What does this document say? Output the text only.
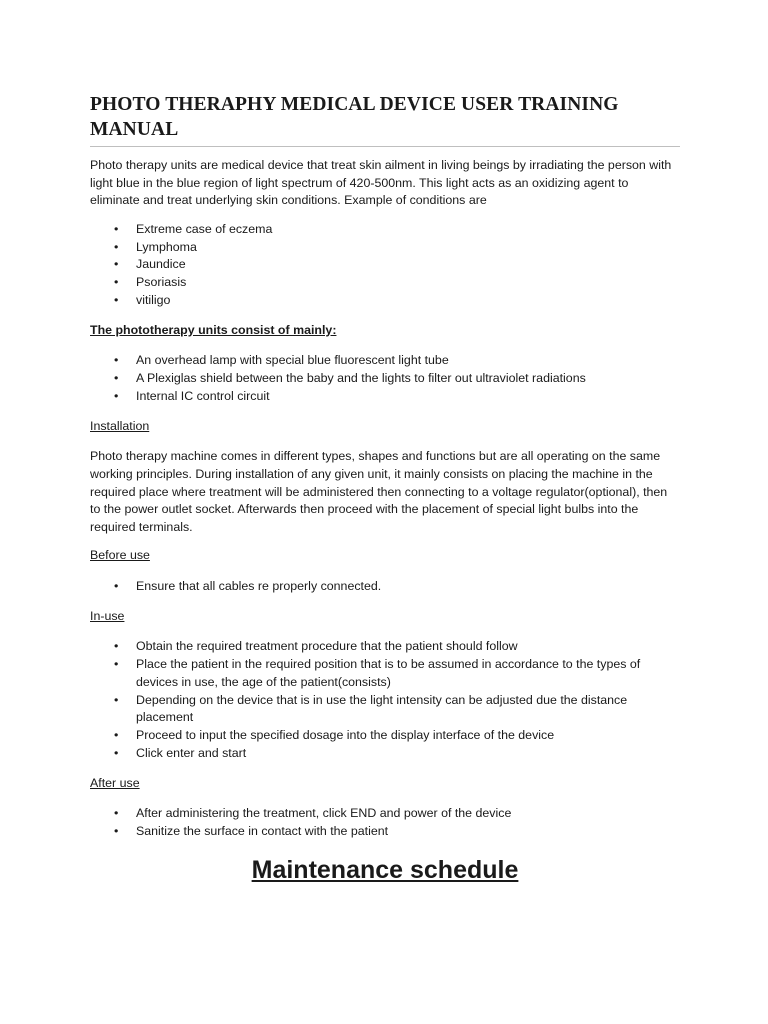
PHOTO THERAPHY MEDICAL DEVICE USER TRAINING MANUAL

Photo therapy units are medical device that treat skin ailment in living beings by irradiating the person with light blue in the blue region of light spectrum of 420-500nm. This light acts as an oxidizing agent to eliminate and treat underlying skin conditions. Example of conditions are

• Extreme case of eczema
• Lymphoma
• Jaundice
• Psoriasis
• vitiligo

The phototherapy units consist of mainly:

• An overhead lamp with special blue fluorescent light tube
• A Plexiglas shield between the baby and the lights to filter out ultraviolet radiations
• Internal IC control circuit

Installation

Photo therapy machine comes in different types, shapes and functions but are all operating on the same working principles. During installation of any given unit, it mainly consists on placing the machine in the required place where treatment will be administered then connecting to a voltage regulator(optional), then to the power outlet socket. Afterwards then proceed with the placement of special light bulbs into the required terminals.

Before use

• Ensure that all cables re properly connected.

In-use

• Obtain the required treatment procedure that the patient should follow
• Place the patient in the required position that is to be assumed in accordance to the types of devices in use, the age of the patient(consists)
• Depending on the device that is in use the light intensity can be adjusted due the distance placement
• Proceed to input the specified dosage into the display interface of the device
• Click enter and start

After use

• After administering the treatment, click END and power of the device
• Sanitize the surface in contact with the patient
Maintenance schedule
